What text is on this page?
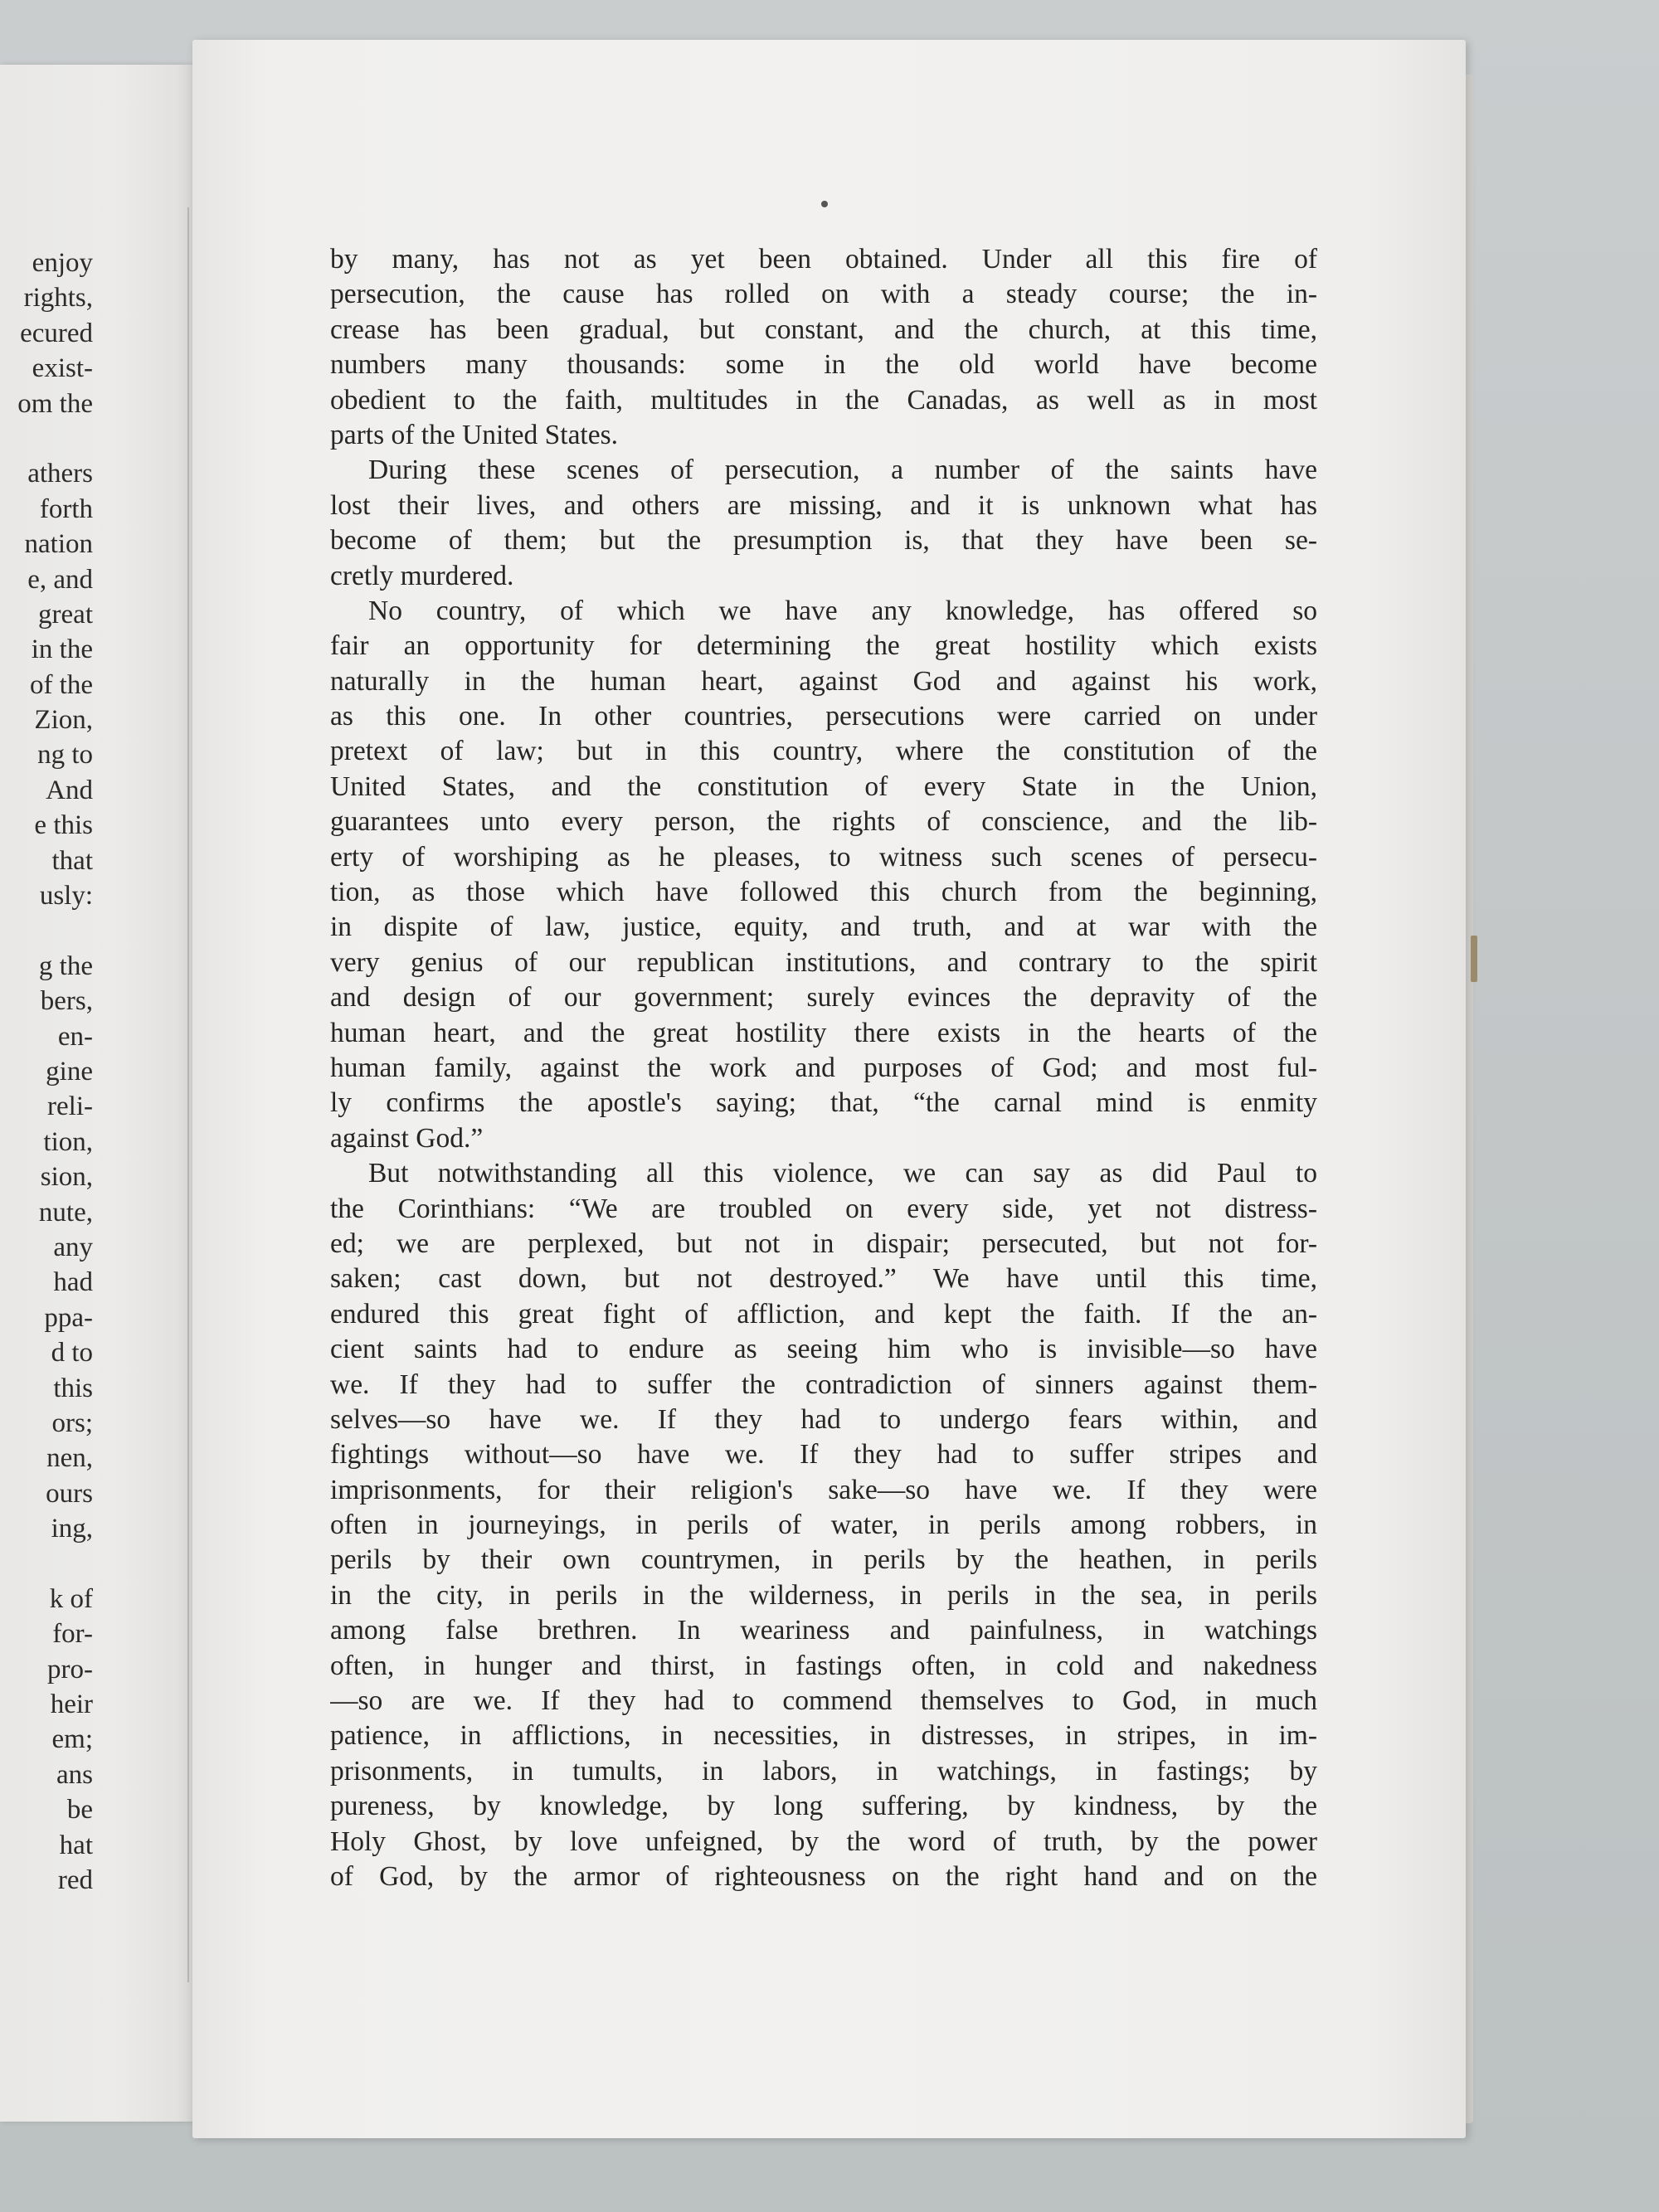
enjoy
rights,
ecured
exist-
om the
athers
forth
nation
e, and
great
in the
of the
Zion,
ng to
And
e this
that
usly:
g the
bers,
en-
gine
reli-
tion,
sion,
nute,
any
had
ppa-
d to
this
ors;
nen,
ours
ing,
k of
for-
pro-
heir
em;
ans
be
hat
red
by many, has not as yet been obtained. Under all this fire of
persecution, the cause has rolled on with a steady course; the in-
crease has been gradual, but constant, and the church, at this time,
numbers many thousands: some in the old world have become
obedient to the faith, multitudes in the Canadas, as well as in most
parts of the United States.
During these scenes of persecution, a number of the saints have
lost their lives, and others are missing, and it is unknown what has
become of them; but the presumption is, that they have been se-
cretly murdered.
No country, of which we have any knowledge, has offered so
fair an opportunity for determining the great hostility which exists
naturally in the human heart, against God and against his work,
as this one. In other countries, persecutions were carried on under
pretext of law; but in this country, where the constitution of the
United States, and the constitution of every State in the Union,
guarantees unto every person, the rights of conscience, and the lib-
erty of worshiping as he pleases, to witness such scenes of persecu-
tion, as those which have followed this church from the beginning,
in dispite of law, justice, equity, and truth, and at war with the
very genius of our republican institutions, and contrary to the spirit
and design of our government; surely evinces the depravity of the
human heart, and the great hostility there exists in the hearts of the
human family, against the work and purposes of God; and most ful-
ly confirms the apostle's saying; that, “the carnal mind is enmity
against God.”
But notwithstanding all this violence, we can say as did Paul to
the Corinthians: “We are troubled on every side, yet not distress-
ed; we are perplexed, but not in dispair; persecuted, but not for-
saken; cast down, but not destroyed.” We have until this time,
endured this great fight of affliction, and kept the faith. If the an-
cient saints had to endure as seeing him who is invisible—so have
we. If they had to suffer the contradiction of sinners against them-
selves—so have we. If they had to undergo fears within, and
fightings without—so have we. If they had to suffer stripes and
imprisonments, for their religion's sake—so have we. If they were
often in journeyings, in perils of water, in perils among robbers, in
perils by their own countrymen, in perils by the heathen, in perils
in the city, in perils in the wilderness, in perils in the sea, in perils
among false brethren. In weariness and painfulness, in watchings
often, in hunger and thirst, in fastings often, in cold and nakedness
—so are we. If they had to commend themselves to God, in much
patience, in afflictions, in necessities, in distresses, in stripes, in im-
prisonments, in tumults, in labors, in watchings, in fastings; by
pureness, by knowledge, by long suffering, by kindness, by the
Holy Ghost, by love unfeigned, by the word of truth, by the power
of God, by the armor of righteousness on the right hand and on the
